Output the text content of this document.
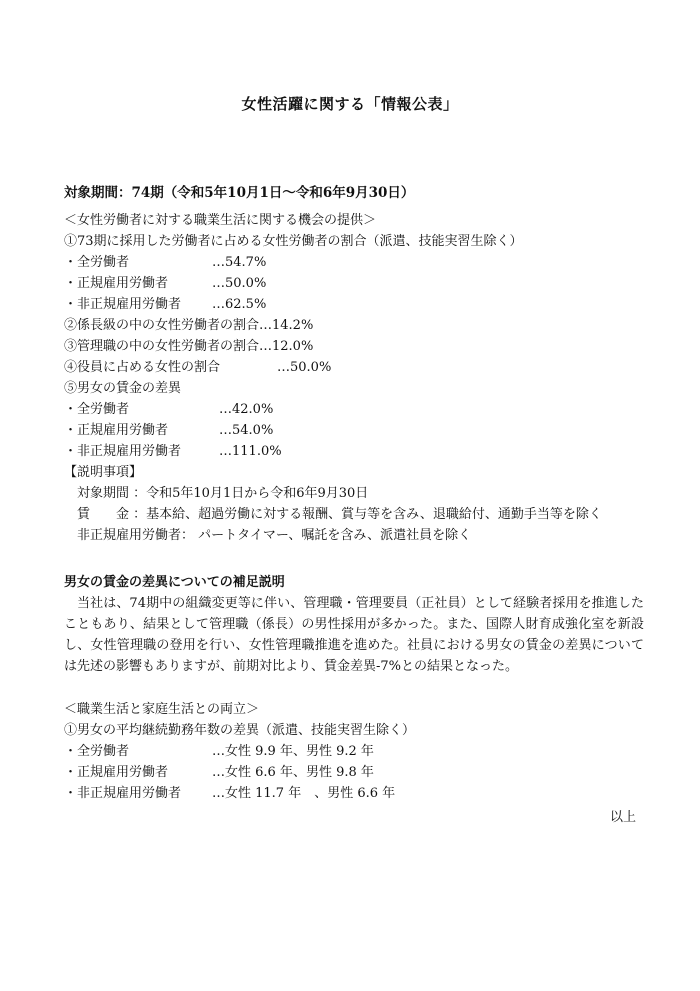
女性活躍に関する「情報公表」
対象期間：74期（令和5年10月1日〜令和6年9月30日）
＜女性労働者に対する職業生活に関する機会の提供＞
①73期に採用した労働者に占める女性労働者の割合（派遣、技能実習生除く）
・全労働者	…54.7%
・正規雇用労働者	…50.0%
・非正規雇用労働者 …62.5%
②係長級の中の女性労働者の割合…14.2%
③管理職の中の女性労働者の割合…12.0%
④役員に占める女性の割合	…50.0%
⑤男女の賃金の差異
・全労働者	…42.0%
・正規雇用労働者	…54.0%
・非正規雇用労働者	…111.0%
【説明事項】
対象期間 ：令和5年10月1日から令和6年9月30日
賃　　金 ：基本給、超過労働に対する報酬、賞与等を含み、退職給付、通勤手当等を除く
非正規雇用労働者： パートタイマー、嘱託を含み、派遣社員を除く
男女の賃金の差異についての補足説明
当社は、74期中の組織変更等に伴い、管理職・管理要員（正社員）として経験者採用を推進したこともあり、結果として管理職（係長）の男性採用が多かった。また、国際人財育成強化室を新設し、女性管理職の登用を行い、女性管理職推進を進めた。社員における男女の賃金の差異については先述の影響もありますが、前期対比より、賃金差異-7%との結果となった。
＜職業生活と家庭生活との両立＞
①男女の平均継続勤務年数の差異（派遣、技能実習生除く）
・全労働者	…女性 9.9 年、男性 9.2 年
・正規雇用労働者	…女性 6.6 年、男性 9.8 年
・非正規雇用労働者 …女性 11.7 年　、男性 6.6 年
以上
